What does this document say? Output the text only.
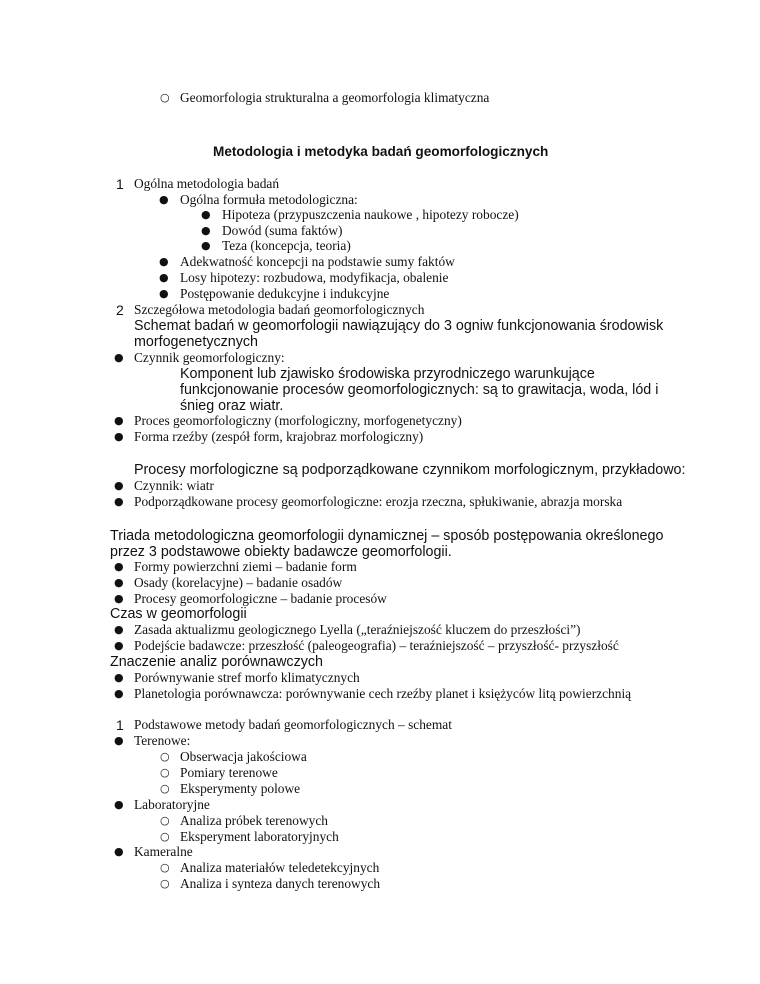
○ Geomorfologia strukturalna a geomorfologia klimatyczna
Metodologia i metodyka badań geomorfologicznych
1 Ogólna metodologia badań
● Ogólna formuła metodologiczna:
● Hipoteza (przypuszczenia naukowe , hipotezy robocze)
● Dowód (suma faktów)
● Teza (koncepcja, teoria)
● Adekwatność koncepcji na podstawie sumy faktów
● Losy hipotezy: rozbudowa, modyfikacja, obalenie
● Postępowanie dedukcyjne i indukcyjne
2 Szczegółowa metodologia badań geomorfologicznych
Schemat badań w geomorfologii nawiązujący do 3 ogniw funkcjonowania środowisk
morfogenetycznych
● Czynnik geomorfologiczny:
Komponent lub zjawisko środowiska przyrodniczego warunkujące
funkcjonowanie procesów geomorfologicznych: są to grawitacja, woda, lód i
śnieg oraz wiatr.
● Proces geomorfologiczny (morfologiczny, morfogenetyczny)
● Forma rzeźby (zespół form, krajobraz morfologiczny)
Procesy morfologiczne są podporządkowane czynnikom morfologicznym, przykładowo:
● Czynnik: wiatr
● Podporządkowane procesy geomorfologiczne: erozja rzeczna, spłukiwanie, abrazja morska
Triada metodologiczna geomorfologii dynamicznej – sposób postępowania określonego
przez 3 podstawowe obiekty badawcze geomorfologii.
● Formy powierzchni ziemi – badanie form
● Osady (korelacyjne) – badanie osadów
● Procesy geomorfologiczne – badanie procesów
Czas w geomorfologii
● Zasada aktualizmu geologicznego Lyella („teraźniejszość kluczem do przeszłości”)
● Podejście badawcze: przeszłość (paleogeografia) – teraźniejszość – przyszłość- przyszłość
Znaczenie analiz porównawczych
● Porównywanie stref morfo klimatycznych
● Planetologia porównawcza: porównywanie cech rzeźby planet i księżyców litą powierzchnią
1 Podstawowe metody badań geomorfologicznych – schemat
● Terenowe:
○ Obserwacja jakościowa
○ Pomiary terenowe
○ Eksperymenty polowe
● Laboratoryjne
○ Analiza próbek terenowych
○ Eksperyment laboratoryjnych
● Kameralne
○ Analiza materiałów teledetekcyjnych
○ Analiza i synteza danych terenowych
